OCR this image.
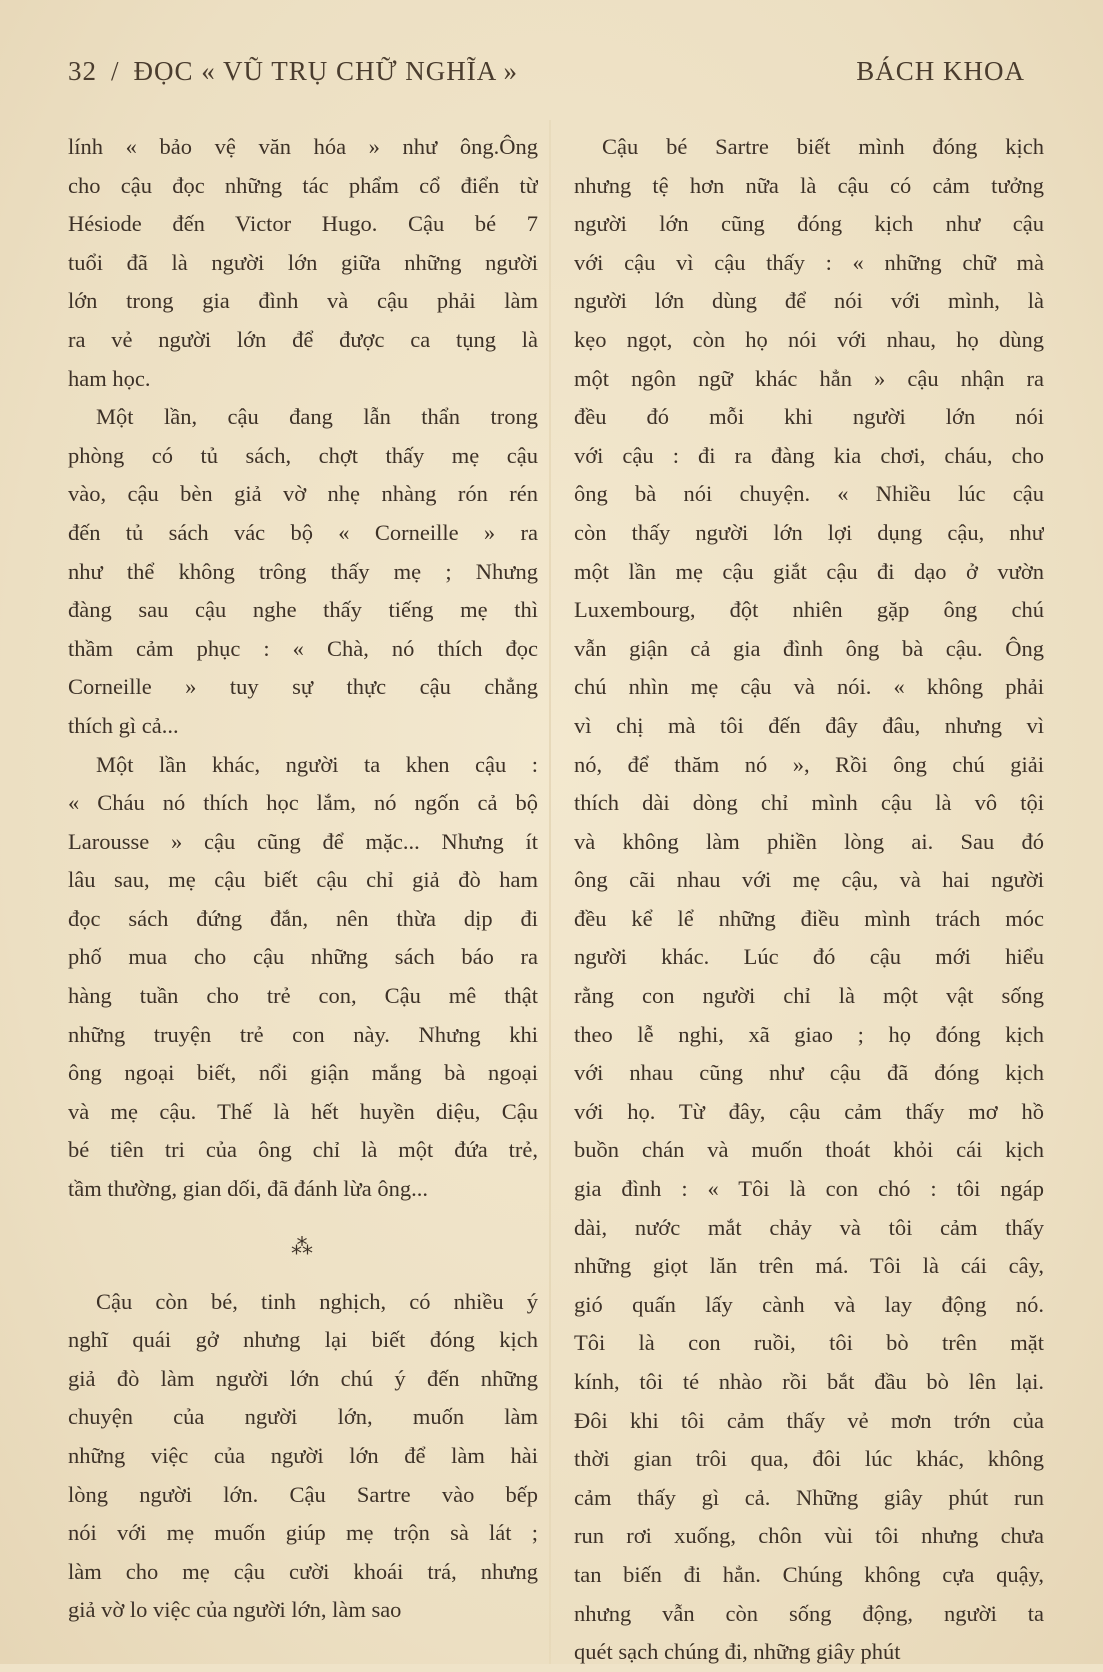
32 / ĐỌC « VŨ TRỤ CHỮ NGHĨA »	BÁCH KHOA

lính « bảo vệ văn hóa » như ông.Ông
cho cậu đọc những tác phẩm cổ điển từ
Hésiode đến Victor Hugo. Cậu bé 7
tuổi đã là người lớn giữa những người
lớn trong gia đình và cậu phải làm
ra vẻ người lớn để được ca tụng là
ham học.

Một lần, cậu đang lẫn thẩn trong
phòng có tủ sách, chợt thấy mẹ cậu
vào, cậu bèn giả vờ nhẹ nhàng rón rén
đến tủ sách vác bộ « Corneille » ra
như thể không trông thấy mẹ ; Nhưng
đàng sau cậu nghe thấy tiếng mẹ thì
thầm cảm phục : « Chà, nó thích đọc
Corneille » tuy sự thực cậu chẳng
thích gì cả...

Một lần khác, người ta khen cậu :
« Cháu nó thích học lắm, nó ngốn cả bộ
Larousse » cậu cũng để mặc... Nhưng ít
lâu sau, mẹ cậu biết cậu chỉ giả đò ham
đọc sách đứng đắn, nên thừa dịp đi
phố mua cho cậu những sách báo ra
hàng tuần cho trẻ con, Cậu mê thật
những truyện trẻ con này. Nhưng khi
ông ngoại biết, nổi giận mắng bà ngoại
và mẹ cậu. Thế là hết huyền diệu, Cậu
bé tiên tri của ông chỉ là một đứa trẻ,
tầm thường, gian dối, đã đánh lừa ông...

⁂

Cậu còn bé, tinh nghịch, có nhiều ý
nghĩ quái gở nhưng lại biết đóng kịch
giả đò làm người lớn chú ý đến những
chuyện của người lớn, muốn làm
những việc của người lớn để làm hài
lòng người lớn. Cậu Sartre vào bếp
nói với mẹ muốn giúp mẹ trộn sà lát ;
làm cho mẹ cậu cười khoái trá, nhưng
giả vờ lo việc của người lớn, làm sao

Cậu bé Sartre biết mình đóng kịch
nhưng tệ hơn nữa là cậu có cảm tưởng
người lớn cũng đóng kịch như cậu
với cậu vì cậu thấy : « những chữ mà
người lớn dùng để nói với mình, là
kẹo ngọt, còn họ nói với nhau, họ dùng
một ngôn ngữ khác hẳn » cậu nhận ra
đều đó mỗi khi người lớn nói
với cậu : đi ra đàng kia chơi, cháu, cho
ông bà nói chuyện. « Nhiều lúc cậu
còn thấy người lớn lợi dụng cậu, như
một lần mẹ cậu giắt cậu đi dạo ở vườn
Luxembourg, đột nhiên gặp ông chú
vẫn giận cả gia đình ông bà cậu. Ông
chú nhìn mẹ cậu và nói. « không phải
vì chị mà tôi đến đây đâu, nhưng vì
nó, để thăm nó », Rồi ông chú giải
thích dài dòng chỉ mình cậu là vô tội
và không làm phiền lòng ai. Sau đó
ông cãi nhau với mẹ cậu, và hai người
đều kể lể những điều mình trách móc
người khác. Lúc đó cậu mới hiểu
rằng con người chỉ là một vật sống
theo lễ nghi, xã giao ; họ đóng kịch
với nhau cũng như cậu đã đóng kịch
với họ. Từ đây, cậu cảm thấy mơ hồ
buồn chán và muốn thoát khỏi cái kịch
gia đình : « Tôi là con chó : tôi ngáp
dài, nước mắt chảy và tôi cảm thấy
những giọt lăn trên má. Tôi là cái cây,
gió quấn lấy cành và lay động nó.
Tôi là con ruồi, tôi bò trên mặt
kính, tôi té nhào rồi bắt đầu bò lên lại.
Đôi khi tôi cảm thấy vẻ mơn trớn của
thời gian trôi qua, đôi lúc khác, không
cảm thấy gì cả. Những giây phút run
run rơi xuống, chôn vùi tôi nhưng chưa
tan biến đi hẳn. Chúng không cựa quậy,
nhưng vẫn còn sống động, người ta
quét sạch chúng đi, những giây phút
